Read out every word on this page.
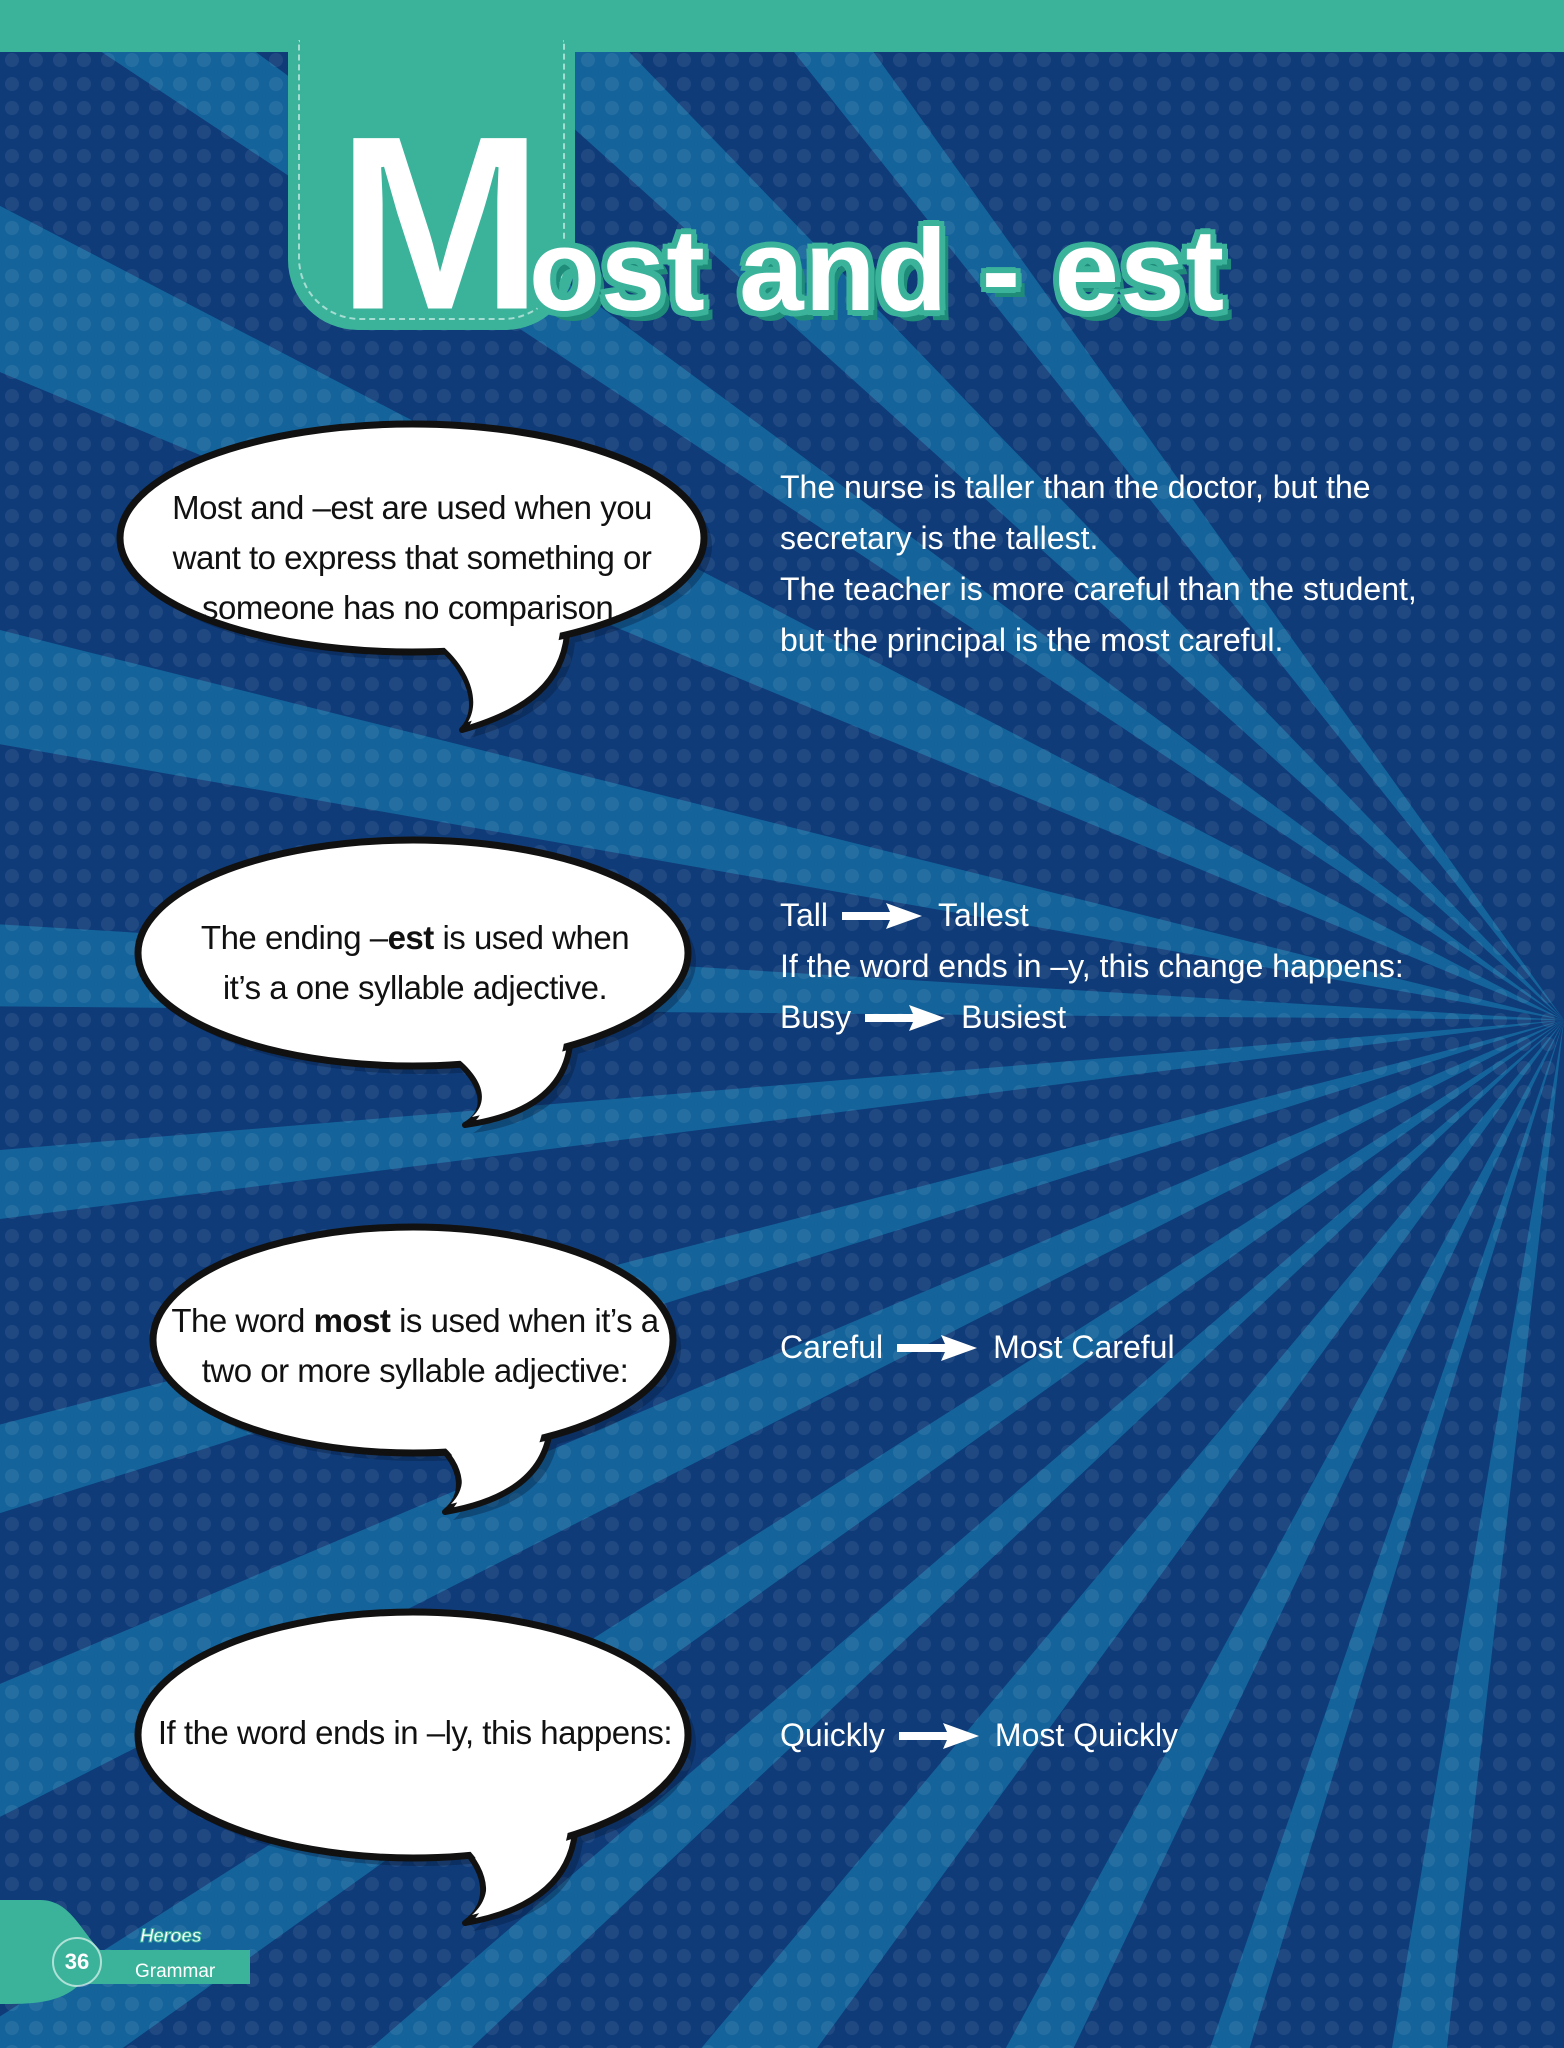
Most and - est
Most and –est are used when you
want to express that something or
someone has no comparison.
The nurse is taller than the doctor, but the
secretary is the tallest.
The teacher is more careful than the student,
but the principal is the most careful.
The ending –est is used when
it’s a one syllable adjective.
Tall	Tallest
If the word ends in –y, this change happens:
Busy	Busiest
The word most is used when it’s a
two or more syllable adjective:
Careful	Most Careful
If the word ends in –ly, this happens:	Quickly	Most Quickly
36
Heroes
Grammar
